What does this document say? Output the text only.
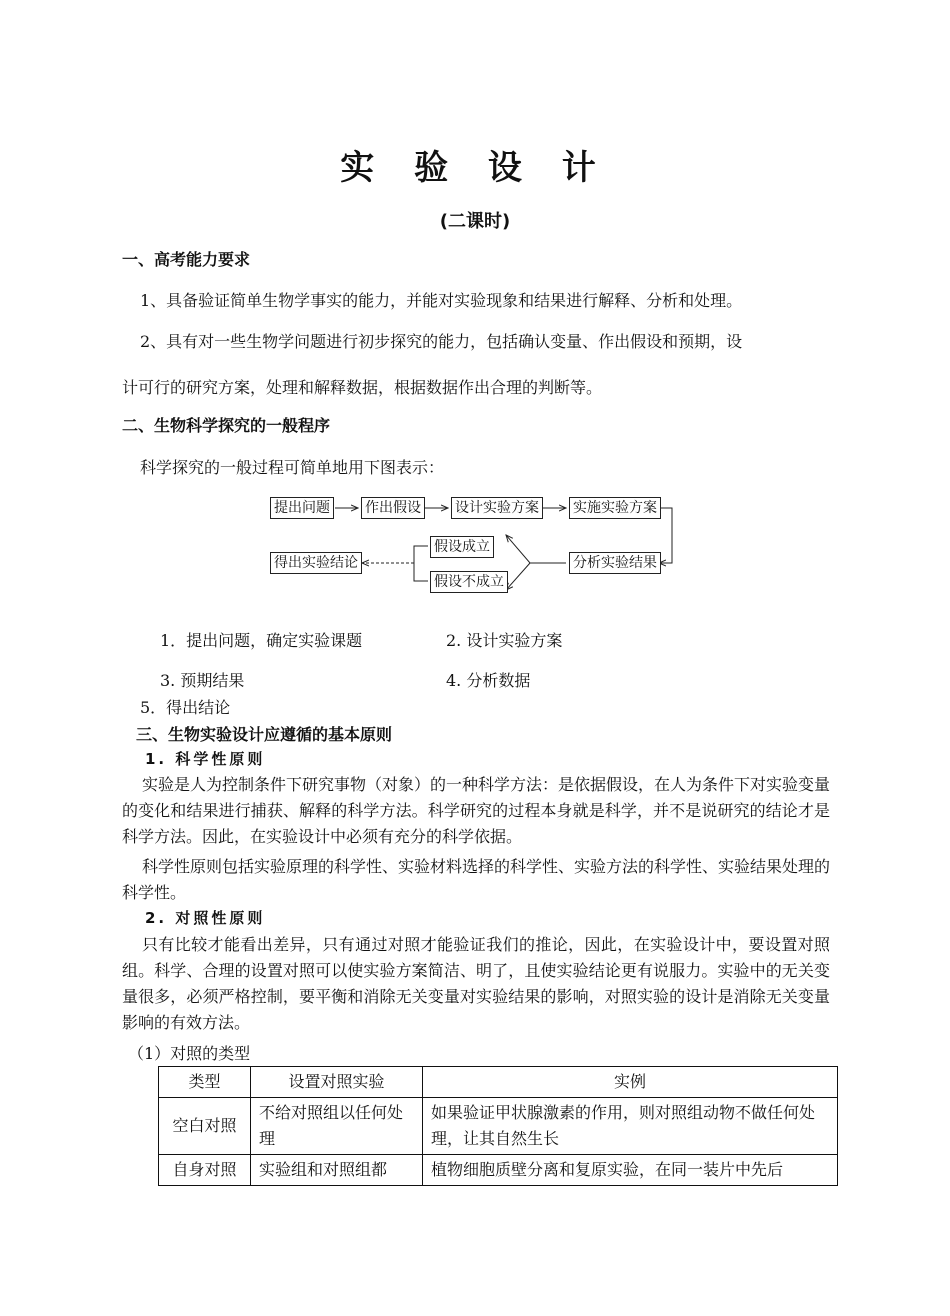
实 验 设 计
(二课时)
一、高考能力要求
1、具备验证简单生物学事实的能力，并能对实验现象和结果进行解释、分析和处理。
2、具有对一些生物学问题进行初步探究的能力，包括确认变量、作出假设和预期，设
计可行的研究方案，处理和解释数据，根据数据作出合理的判断等。
二、生物科学探究的一般程序
科学探究的一般过程可简单地用下图表示：
提出问题	作出假设 设计实验方案 实施实验方案
分析实验结果
假设成立
假设不成立
得出实验结论
1．提出问题，确定实验课题	2. 设计实验方案
3. 预期结果	4. 分析数据
5．得出结论
三、生物实验设计应遵循的基本原则
1. 科学性原则
实验是人为控制条件下研究事物（对象）的一种科学方法：是依据假设，在人为条件下对实验变量的变化和结果进行捕获、解释的科学方法。科学研究的过程本身就是科学，并不是说研究的结论才是科学方法。因此，在实验设计中必须有充分的科学依据。
科学性原则包括实验原理的科学性、实验材料选择的科学性、实验方法的科学性、实验结果处理的科学性。
2. 对照性原则
只有比较才能看出差异，只有通过对照才能验证我们的推论，因此，在实验设计中，要设置对照组。科学、合理的设置对照可以使实验方案简洁、明了，且使实验结论更有说服力。实验中的无关变量很多，必须严格控制，要平衡和消除无关变量对实验结果的影响，对照实验的设计是消除无关变量影响的有效方法。
（1）对照的类型
类型	设置对照实验	实例
空白对照	不给对照组以任何处理	如果验证甲状腺激素的作用，则对照组动物不做任何处理，让其自然生长
自身对照	实验组和对照组都	植物细胞质壁分离和复原实验，在同一装片中先后
